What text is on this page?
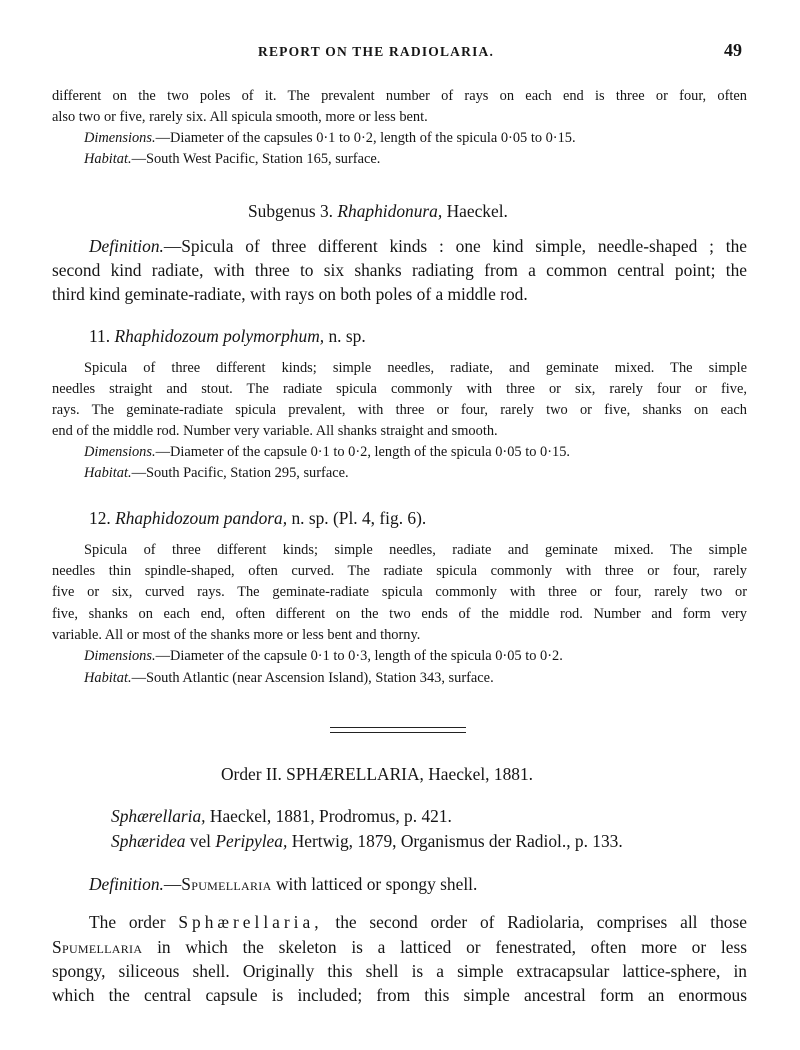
REPORT ON THE RADIOLARIA.	49
different on the two poles of it. The prevalent number of rays on each end is three or four, often
also two or five, rarely six. All spicula smooth, more or less bent.
Dimensions.—Diameter of the capsules 0·1 to 0·2, length of the spicula 0·05 to 0·15.
Habitat.—South West Pacific, Station 165, surface.
Subgenus 3. Rhaphidonura, Haeckel.
Definition.—Spicula of three different kinds : one kind simple, needle-shaped ; the
second kind radiate, with three to six shanks radiating from a common central point; the
third kind geminate-radiate, with rays on both poles of a middle rod.
11. Rhaphidozoum polymorphum, n. sp.
Spicula of three different kinds; simple needles, radiate, and geminate mixed. The simple
needles straight and stout. The radiate spicula commonly with three or six, rarely four or five,
rays. The geminate-radiate spicula prevalent, with three or four, rarely two or five, shanks on each
end of the middle rod. Number very variable. All shanks straight and smooth.
Dimensions.—Diameter of the capsule 0·1 to 0·2, length of the spicula 0·05 to 0·15.
Habitat.—South Pacific, Station 295, surface.
12. Rhaphidozoum pandora, n. sp. (Pl. 4, fig. 6).
Spicula of three different kinds; simple needles, radiate and geminate mixed. The simple
needles thin spindle-shaped, often curved. The radiate spicula commonly with three or four, rarely
five or six, curved rays. The geminate-radiate spicula commonly with three or four, rarely two or
five, shanks on each end, often different on the two ends of the middle rod. Number and form very
variable. All or most of the shanks more or less bent and thorny.
Dimensions.—Diameter of the capsule 0·1 to 0·3, length of the spicula 0·05 to 0·2.
Habitat.—South Atlantic (near Ascension Island), Station 343, surface.
Order II. SPHÆRELLARIA, Haeckel, 1881.
Sphærellaria, Haeckel, 1881, Prodromus, p. 421.
Sphæridea vel Peripylea, Hertwig, 1879, Organismus der Radiol., p. 133.
Definition.—Spumellaria with latticed or spongy shell.
The order Sphærellaria, the second order of Radiolaria, comprises all those
Spumellaria in which the skeleton is a latticed or fenestrated, often more or less
spongy, siliceous shell. Originally this shell is a simple extracapsular lattice-sphere, in
which the central capsule is included; from this simple ancestral form an enormous
